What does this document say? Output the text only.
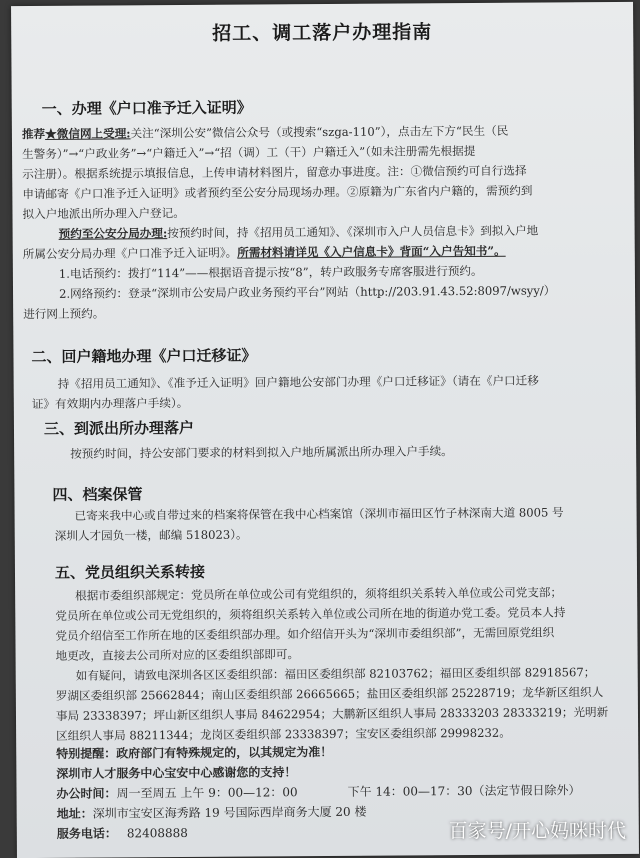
招工、调工落户办理指南
一、办理《户口准予迁入证明》
推荐★微信网上受理:关注“深圳公安”微信公众号（或搜索“szga-110”），点击左下方“民生（民
生警务）”→“户政业务”→“户籍迁入”→“招（调）工（干）户籍迁入”（如未注册需先根据提
示注册）。根据系统提示填报信息，上传申请材料图片，留意办事进度。注：①微信预约可自行选择
申请邮寄《户口准予迁入证明》或者预约至公安分局现场办理。②原籍为广东省内户籍的，需预约到
拟入户地派出所办理入户登记。
预约至公安分局办理:按预约时间，持《招用员工通知》、《深圳市入户人员信息卡》到拟入户地
所属公安分局办理《户口准予迁入证明》。所需材料请详见《入户信息卡》背面“入户告知书”。
1.电话预约：拨打“114”——根据语音提示按“8”，转户政服务专席客服进行预约。
2.网络预约：登录“深圳市公安局户政业务预约平台”网站（http://203.91.43.52:8097/wsyy/）
进行网上预约。
二、回户籍地办理《户口迁移证》
持《招用员工通知》、《准予迁入证明》回户籍地公安部门办理《户口迁移证》（请在《户口迁移
证》有效期内办理落户手续）。
三、到派出所办理落户
按预约时间，持公安部门要求的材料到拟入户地所属派出所办理入户手续。
四、档案保管
已寄来我中心或自带过来的档案将保管在我中心档案馆（深圳市福田区竹子林深南大道 8005 号
深圳人才园负一楼，邮编 518023）。
五、党员组织关系转接
根据市委组织部规定：党员所在单位或公司有党组织的，须将组织关系转入单位或公司党支部；
党员所在单位或公司无党组织的，须将组织关系转入单位或公司所在地的街道办党工委。党员本人持
党员介绍信至工作所在地的区委组织部办理。如介绍信开头为“深圳市委组织部”，无需回原党组织
地更改，直接去公司所对应的区委组织部即可。
如有疑问，请致电深圳各区区委组织部：福田区委组织部 82103762；福田区委组织部 82918567；
罗湖区委组织部 25662844；南山区委组织部 26665665；盐田区委组织部 25228719；龙华新区组织人
事局 23338397；坪山新区组织人事局 84622954；大鹏新区组织人事局 28333203 28333219；光明新
区组织人事局 88211344；龙岗区委组织部 23338397；宝安区委组织部 29998232。
特别提醒：政府部门有特殊规定的，以其规定为准！
深圳市人才服务中心宝安中心感谢您的支持！
办公时间：周一至周五 上午 9：00—12：00	下午 14：00—17：30（法定节假日除外）
地址：深圳市宝安区海秀路 19 号国际西岸商务大厦 20 楼
服务电话： 82408888	百家号/开心妈咪时代
